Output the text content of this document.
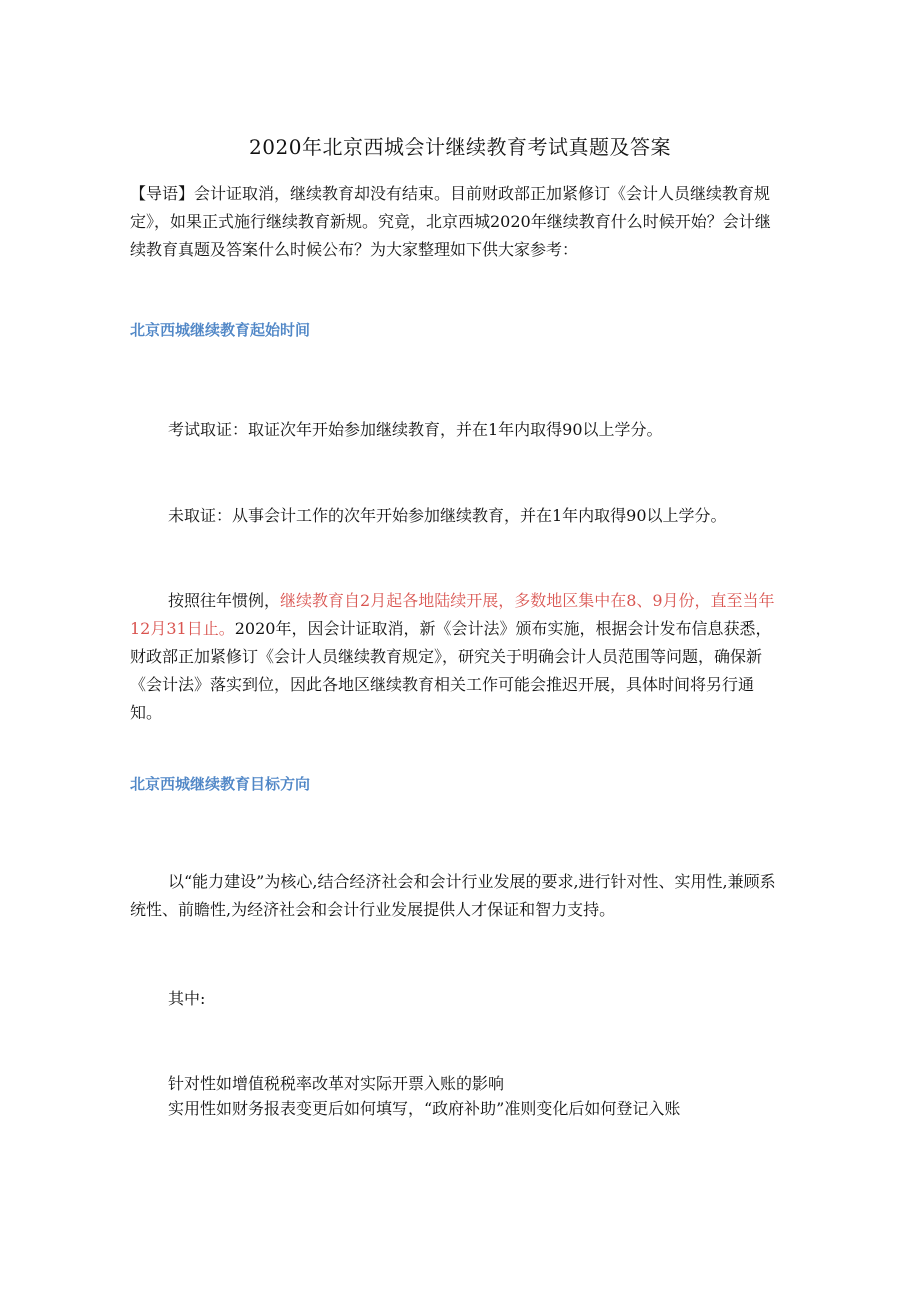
2020年北京西城会计继续教育考试真题及答案

【导语】会计证取消，继续教育却没有结束。目前财政部正加紧修订《会计人员继续教育规定》，如果正式施行继续教育新规。究竟，北京西城2020年继续教育什么时候开始？会计继续教育真题及答案什么时候公布？为大家整理如下供大家参考：

北京西城继续教育起始时间

考试取证：取证次年开始参加继续教育，并在1年内取得90以上学分。

未取证：从事会计工作的次年开始参加继续教育，并在1年内取得90以上学分。

按照往年惯例，继续教育自2月起各地陆续开展，多数地区集中在8、9月份，直至当年12月31日止。2020年，因会计证取消，新《会计法》颁布实施，根据会计发布信息获悉，财政部正加紧修订《会计人员继续教育规定》，研究关于明确会计人员范围等问题，确保新《会计法》落实到位，因此各地区继续教育相关工作可能会推迟开展，具体时间将另行通知。

北京西城继续教育目标方向

以“能力建设”为核心,结合经济社会和会计行业发展的要求,进行针对性、实用性,兼顾系统性、前瞻性,为经济社会和会计行业发展提供人才保证和智力支持。

其中:

针对性如增值税税率改革对实际开票入账的影响

实用性如财务报表变更后如何填写，“政府补助”准则变化后如何登记入账
